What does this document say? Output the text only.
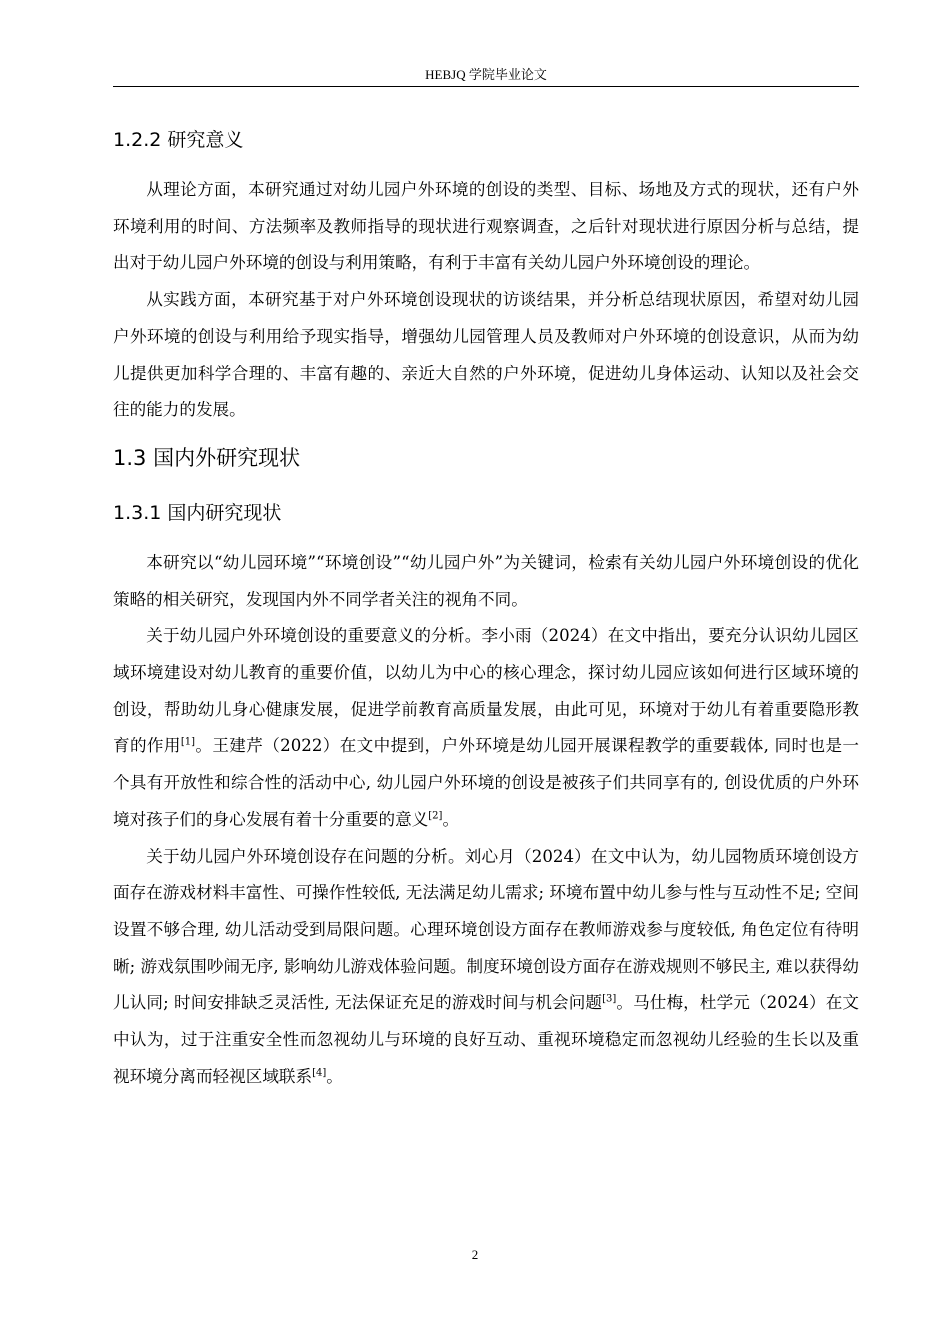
HEBJQ 学院毕业论文
1.2.2 研究意义

从理论方面，本研究通过对幼儿园户外环境的创设的类型、目标、场地及方式的现状，还有户外环境利用的时间、方法频率及教师指导的现状进行观察调查，之后针对现状进行原因分析与总结，提出对于幼儿园户外环境的创设与利用策略，有利于丰富有关幼儿园户外环境创设的理论。

从实践方面，本研究基于对户外环境创设现状的访谈结果，并分析总结现状原因，希望对幼儿园户外环境的创设与利用给予现实指导，增强幼儿园管理人员及教师对户外环境的创设意识，从而为幼儿提供更加科学合理的、丰富有趣的、亲近大自然的户外环境，促进幼儿身体运动、认知以及社会交往的能力的发展。

1.3 国内外研究现状
1.3.1 国内研究现状

本研究以“幼儿园环境”“环境创设”“幼儿园户外”为关键词，检索有关幼儿园户外环境创设的优化策略的相关研究，发现国内外不同学者关注的视角不同。

关于幼儿园户外环境创设的重要意义的分析。李小雨（2024）在文中指出，要充分认识幼儿园区域环境建设对幼儿教育的重要价值，以幼儿为中心的核心理念，探讨幼儿园应该如何进行区域环境的创设，帮助幼儿身心健康发展，促进学前教育高质量发展，由此可见，环境对于幼儿有着重要隐形教育的作用[1]。王建芹（2022）在文中提到，户外环境是幼儿园开展课程教学的重要载体, 同时也是一个具有开放性和综合性的活动中心, 幼儿园户外环境的创设是被孩子们共同享有的, 创设优质的户外环境对孩子们的身心发展有着十分重要的意义[2]。

关于幼儿园户外环境创设存在问题的分析。刘心月（2024）在文中认为，幼儿园物质环境创设方面存在游戏材料丰富性、可操作性较低, 无法满足幼儿需求; 环境布置中幼儿参与性与互动性不足; 空间设置不够合理, 幼儿活动受到局限问题。心理环境创设方面存在教师游戏参与度较低, 角色定位有待明晰; 游戏氛围吵闹无序, 影响幼儿游戏体验问题。制度环境创设方面存在游戏规则不够民主, 难以获得幼儿认同; 时间安排缺乏灵活性, 无法保证充足的游戏时间与机会问题[3]。马仕梅，杜学元（2024）在文中认为，过于注重安全性而忽视幼儿与环境的良好互动、重视环境稳定而忽视幼儿经验的生长以及重视环境分离而轻视区域联系[4]。

2
